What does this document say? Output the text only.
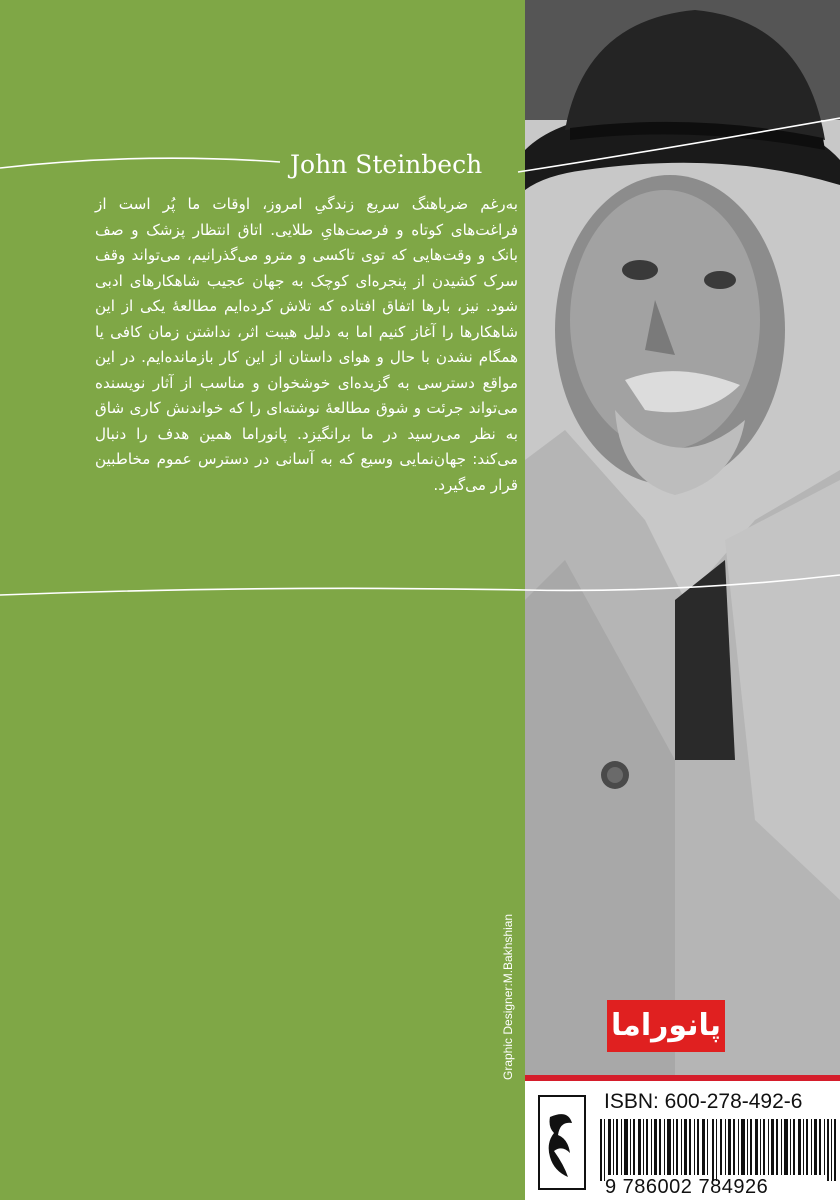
John Steinbech
به‌رغم ضرباهنگ سریع زندگیِ امروز، اوقات ما پُر است از فراغت‌های کوتاه و فرصت‌هایِ طلایی. اتاق انتظار پزشک و صف بانک و وقت‌هایی که توی تاکسی و مترو می‌گذرانیم، می‌تواند وقف سرک کشیدن از پنجره‌ای کوچک به جهان عجیب شاهکارهای ادبی شود. نیز، بارها اتفاق افتاده که تلاش کرده‌ایم مطالعهٔ یکی از این شاهکارها را آغاز کنیم اما به دلیل هیبت اثر، نداشتن زمان کافی یا همگام نشدن با حال و هوای داستان از این کار بازمانده‌ایم. در این مواقع دسترسی به گزیده‌ای خوشخوان و مناسب از آثار نویسنده می‌تواند جرئت و شوق مطالعهٔ نوشته‌ای را که خواندنش کاری شاق به نظر می‌رسید در ما برانگیزد. پانوراما همین هدف را دنبال می‌کند: جهان‌نمایی وسیع که به آسانی در دسترس عموم مخاطبین قرار می‌گیرد.
Graphic Designer:M.Bakhshian	پانوراما
ISBN: 600-278-492-6
9 786002 784926
